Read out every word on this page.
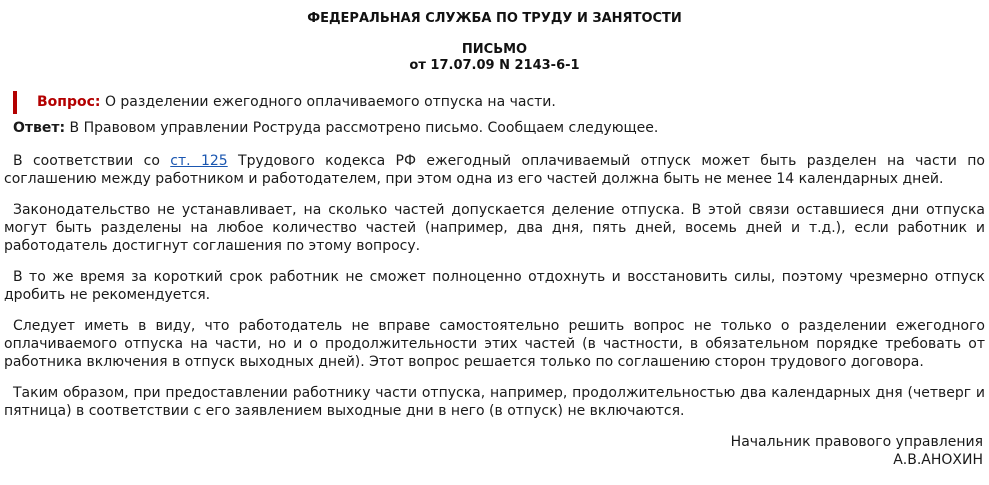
ФЕДЕРАЛЬНАЯ СЛУЖБА ПО ТРУДУ И ЗАНЯТОСТИ
ПИСЬМО
от 17.07.09 N 2143-6-1
Вопрос: О разделении ежегодного оплачиваемого отпуска на части.
Ответ: В Правовом управлении Роструда рассмотрено письмо. Сообщаем следующее.

В соответствии со ст. 125 Трудового кодекса РФ ежегодный оплачиваемый отпуск может быть разделен на части по соглашению между работником и работодателем, при этом одна из его частей должна быть не менее 14 календарных дней.

Законодательство не устанавливает, на сколько частей допускается деление отпуска. В этой связи оставшиеся дни отпуска могут быть разделены на любое количество частей (например, два дня, пять дней, восемь дней и т.д.), если работник и работодатель достигнут соглашения по этому вопросу.

В то же время за короткий срок работник не сможет полноценно отдохнуть и восстановить силы, поэтому чрезмерно отпуск дробить не рекомендуется.

Следует иметь в виду, что работодатель не вправе самостоятельно решить вопрос не только о разделении ежегодного оплачиваемого отпуска на части, но и о продолжительности этих частей (в частности, в обязательном порядке требовать от работника включения в отпуск выходных дней). Этот вопрос решается только по соглашению сторон трудового договора.

Таким образом, при предоставлении работнику части отпуска, например, продолжительностью два календарных дня (четверг и пятница) в соответствии с его заявлением выходные дни в него (в отпуск) не включаются.

Начальник правового управления
А.В.АНОХИН
